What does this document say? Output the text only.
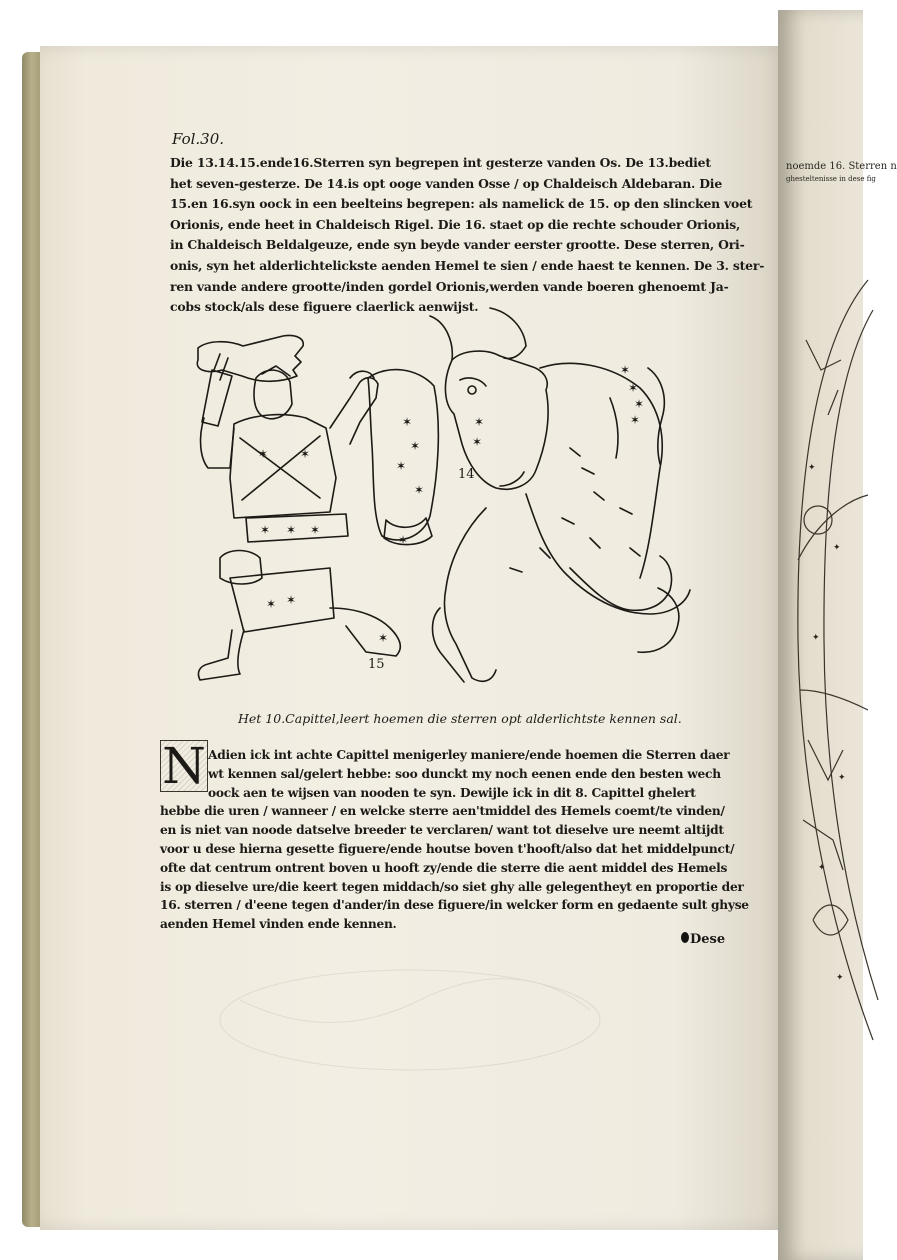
noemde 16. Sterren n
ghesteltenisse in dese fig
✦
✦
✦
✦
✦
✦
Fol.30.
Die 13.14.15.ende16.Sterren syn begrepen int gesterze vanden Os. De 13.bediet
het seven-gesterze. De 14.is opt ooge vanden Osse / op Chaldeisch Aldebaran. Die
15.en 16.syn oock in een beelteins begrepen: als namelick de 15. op den slincken voet
Orionis, ende heet in Chaldeisch Rigel. Die 16. staet op die rechte schouder Orionis,
in Chaldeisch Beldalgeuze, ende syn beyde vander eerster grootte. Dese sterren, Ori-
onis, syn het alderlichtelickste aenden Hemel te sien / ende haest te kennen. De 3. ster-
ren vande andere grootte/inden gordel Orionis,werden vande boeren ghenoemt Ja-
cobs stock/als dese figuere claerlick aenwijst.
✶	✶
✶ ✶ ✶
✶ ✶
✶
✶
✶
✶
✶
✶
✶
✶
✶
✶
✶
✶
15
14
Het 10.Capittel,leert hoemen die sterren opt alderlichtste kennen sal.
N Adien ick int achte Capittel menigerley maniere/ende hoemen die Sterren daer
wt kennen sal/gelert hebbe: soo dunckt my noch eenen ende den besten wech
oock aen te wijsen van nooden te syn. Dewijle ick in dit 8. Capittel ghelert
hebbe die uren / wanneer / en welcke sterre aen'tmiddel des Hemels coemt/te vinden/
en is niet van noode datselve breeder te verclaren/ want tot dieselve ure neemt altijdt
voor u dese hierna gesette figuere/ende houtse boven t'hooft/also dat het middelpunct/
ofte dat centrum ontrent boven u hooft zy/ende die sterre die aent middel des Hemels
is op dieselve ure/die keert tegen middach/so siet ghy alle gelegentheyt en proportie der
16. sterren / d'eene tegen d'ander/in dese figuere/in welcker form en gedaente sult ghyse
aenden Hemel vinden ende kennen.
Dese
